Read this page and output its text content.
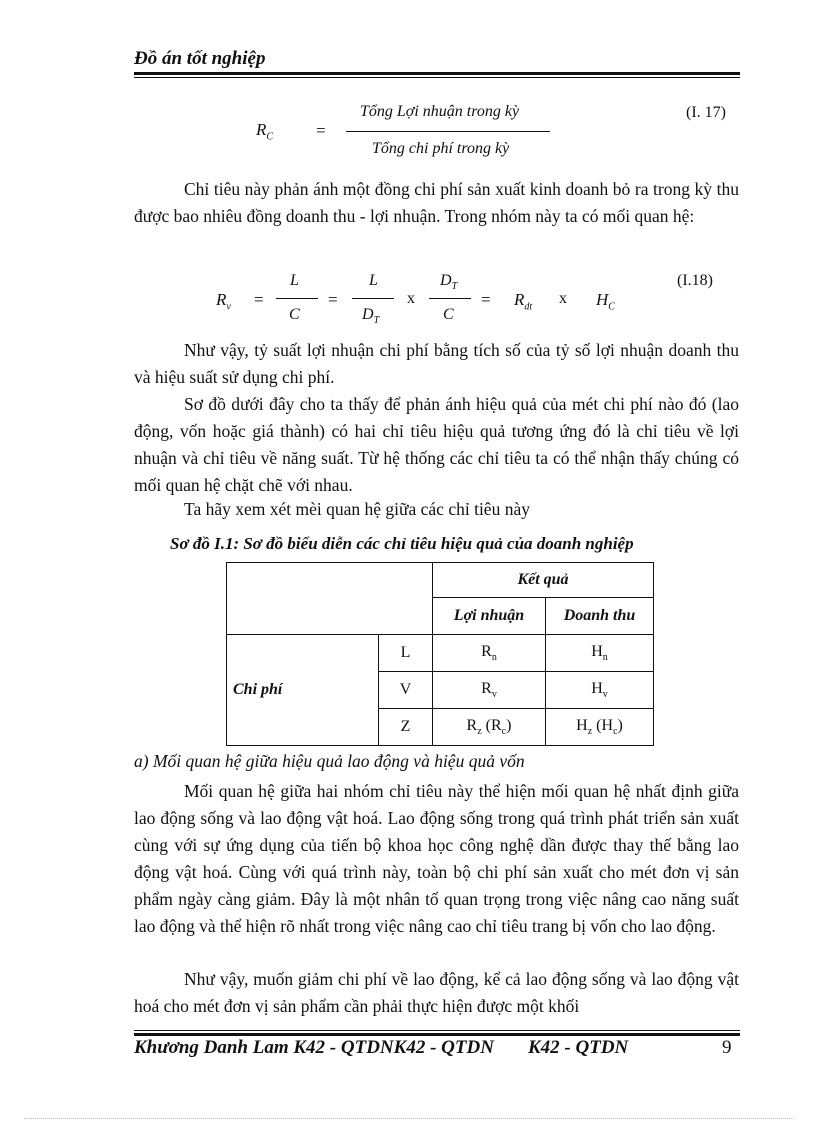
Đồ án tốt nghiệp
$R_C$	=
Tổng Lợi nhuận trong kỳ
Tổng chi phí trong kỳ
(I. 17)
Chỉ tiêu này phản ánh một đồng chi phí sản xuất kinh doanh bỏ ra trong kỳ thu được bao nhiêu đồng doanh thu - lợi nhuận. Trong nhóm này ta có mối quan hệ:
$R_v$ =
L
C
=
L
$D_T$
x
$D_T$
C
= $R_{dt}$ x $H_C$
(I.18)
Như vậy, tỷ suất lợi nhuận chi phí bằng tích số của tỷ số lợi nhuận doanh thu và hiệu suất sử dụng chi phí.
Sơ đồ dưới đây cho ta thấy để phản ánh hiệu quả của mét chi phí nào đó (lao động, vốn hoặc giá thành) có hai chỉ tiêu hiệu quả tương ứng đó là chỉ tiêu về lợi nhuận và chỉ tiêu về năng suất. Từ hệ thống các chỉ tiêu ta có thể nhận thấy chúng có mối quan hệ chặt chẽ với nhau.
Ta hãy xem xét mèi quan hệ giữa các chỉ tiêu này
Sơ đồ I.1: Sơ đồ biểu diễn các chỉ tiêu hiệu quả của doanh nghiệp
		Kết quả	
		Lợi nhuận	Doanh thu
Chi phí	L	$R_n$	$H_n$
	V	$R_v$	$H_v$
	Z	$R_z$ $(R_c)$	$H_z$ $(H_c)$
a) Mối quan hệ giữa hiệu quả lao động và hiệu quả vốn
Mối quan hệ giữa hai nhóm chỉ tiêu này thể hiện mối quan hệ nhất định giữa lao động sống và lao động vật hoá. Lao động sống trong quá trình phát triển sản xuất cùng với sự ứng dụng của tiến bộ khoa học công nghệ dần được thay thế bằng lao động vật hoá. Cùng với quá trình này, toàn bộ chi phí sản xuất cho mét đơn vị sản phẩm ngày càng giảm. Đây là một nhân tố quan trọng trong việc nâng cao năng suất lao động và thể hiện rõ nhất trong việc nâng cao chỉ tiêu trang bị vốn cho lao động.
Như vậy, muốn giảm chi phí về lao động, kể cả lao động sống và lao động vật hoá cho mét đơn vị sản phẩm cần phải thực hiện được một khối
Khương Danh Lam K42 - QTDNK42 - QTDN K42 - QTDN	9
